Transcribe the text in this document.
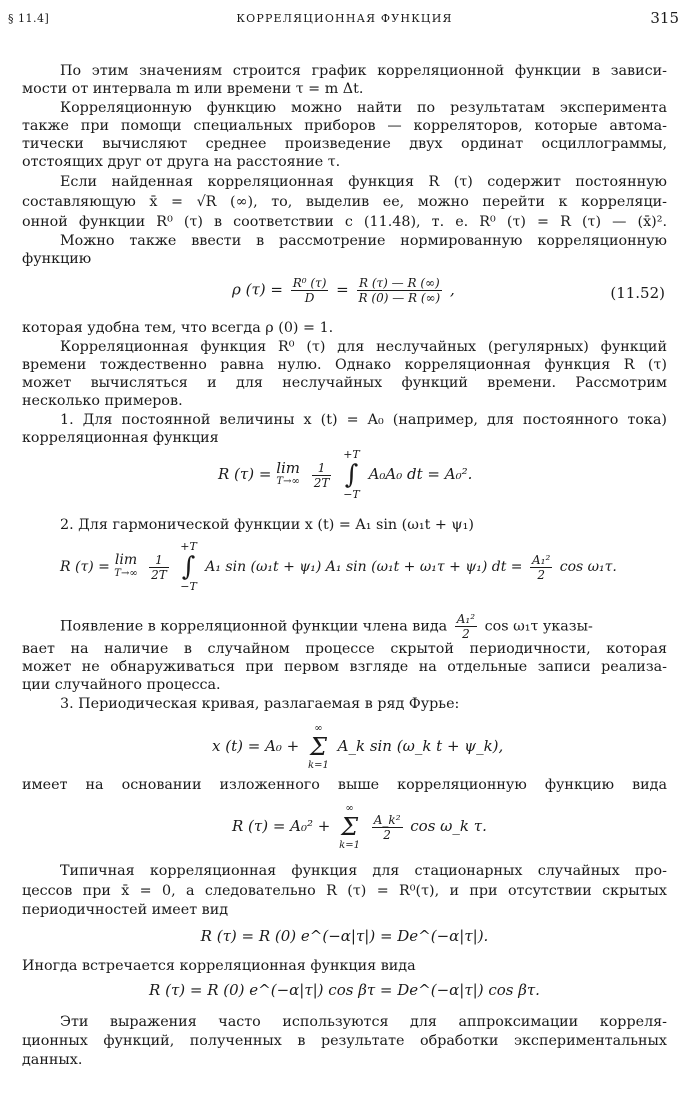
§ 11.4]	КОРРЕЛЯЦИОННАЯ ФУНКЦИЯ	315
По этим значениям строится график корреляционной функции в зависи-
мости от интервала m или времени τ = m Δt.
Корреляционную функцию можно найти по результатам эксперимента
также при помощи специальных приборов — корреляторов, которые автома-
тически вычисляют среднее произведение двух ординат осциллограммы,
отстоящих друг от друга на расстояние τ.
Если найденная корреляционная функция R (τ) содержит постоянную
составляющую x̄ = √R (∞), то, выделив ее, можно перейти к корреляци-
онной функции R⁰ (τ) в соответствии с (11.48), т. е. R⁰ (τ) = R (τ) — (x̄)².
Можно также ввести в рассмотрение нормированную корреляционную
функцию
ρ $(\tau) = \frac{\text{R⁰ (τ)}}{D} = \frac{R (\tau) — R (\infty)}{R (0) — R (\infty)}$ ,	(11.52)
которая удобна тем, что всегда ρ (0) = 1.
Корреляционная функция R⁰ (τ) для неслучайных (регулярных) функций
времени тождественно равна нулю. Однако корреляционная функция R (τ)
может вычисляться и для неслучайных функций времени. Рассмотрим
несколько примеров.
1. Для постоянной величины x (t) = A₀ (например, для постоянного тока)
корреляционная функция
R (τ) = lim
T→∞
$\frac{1}{2T}$

+T
∫
−T
A₀A₀ dt = A₀².
2. Для гармонической функции x (t) = A₁ sin (ω₁t + ψ₁)
R (τ) = lim
T→∞
$\frac{1}{2T}$

+T
∫
−T
A₁ sin (ω₁t + ψ₁) A₁ sin (ω₁t + ω₁τ + ψ₁) dt = $\frac{\text{A₁²}}{2}$ cos ω₁τ.
Появление в корреляционной функции члена вида $\frac{\text{A₁²}}{2}$ cos ω₁τ указы-
вает на наличие в случайном процессе скрытой периодичности, которая
может не обнаруживаться при первом взгляде на отдельные записи реализа-
ции случайного процесса.
3. Периодическая кривая, разлагаемая в ряд Фурье:
x (t) = A₀ +
∞
Σ
k=1
A_k sin (ω_k t + ψ_k),
имеет на основании изложенного выше корреляционную функцию вида
R (τ) = A₀² +
∞
Σ
k=1

$\frac{\text{A\_k²}}{2}$ cos ω_k τ.
Типичная корреляционная функция для стационарных случайных про-
цессов при x̄ = 0, а следовательно R (τ) = R⁰(τ), и при отсутствии скрытых
периодичностей имеет вид
R (τ) = R (0) e^(−α|τ|) = De^(−α|τ|).
Иногда встречается корреляционная функция вида
R (τ) = R (0) e^(−α|τ|) cos βτ = De^(−α|τ|) cos βτ.
Эти выражения часто используются для аппроксимации корреля-
ционных функций, полученных в результате обработки экспериментальных
данных.
